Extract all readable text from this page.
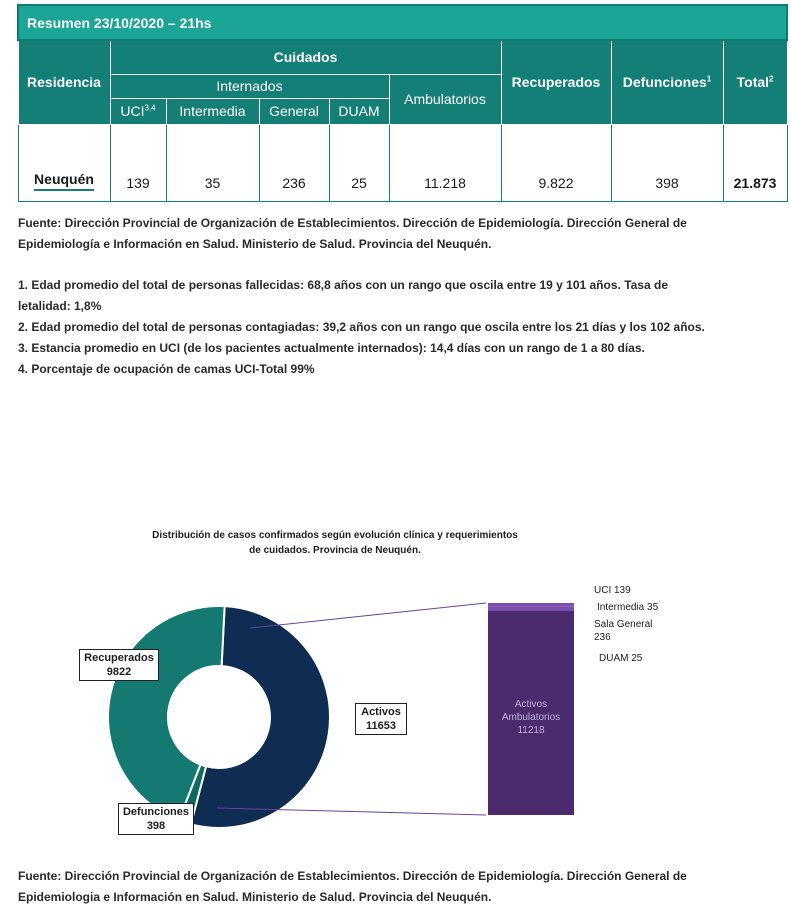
Resumen 23/10/2020 – 21hs								
Residencia	Cuidados					Recuperados	Defunciones$^1$	Total$^2$
	Internados				Ambulatorios			
	UCI$^{3,4}$	Intermedia	General	DUAM				
Neuquén	139	35	236	25	11.218	9.822	398	21.873
Fuente: Dirección Provincial de Organización de Establecimientos. Dirección de Epidemiología. Dirección General de Epidemiología e Información en Salud. Ministerio de Salud. Provincia del Neuquén.
1. Edad promedio del total de personas fallecidas: 68,8 años con un rango que oscila entre 19 y 101 años. Tasa de letalidad: 1,8%
2. Edad promedio del total de personas contagiadas: 39,2 años con un rango que oscila entre los 21 días y los 102 años.
3. Estancia promedio en UCI (de los pacientes actualmente internados): 14,4 días con un rango de 1 a 80 días.
4. Porcentaje de ocupación de camas UCI-Total 99%
Distribución de casos confirmados según evolución clínica y requerimientos de cuidados. Provincia de Neuquén.
Activos
Ambulatorios
11218
Recuperados
9822
Activos
11653
Defunciones
398
UCI 139
Intermedia 35
Sala General
236
DUAM 25
Fuente: Dirección Provincial de Organización de Establecimientos. Dirección de Epidemiología. Dirección General de Epidemiologia e Información en Salud. Ministerio de Salud. Provincia del Neuquén.
